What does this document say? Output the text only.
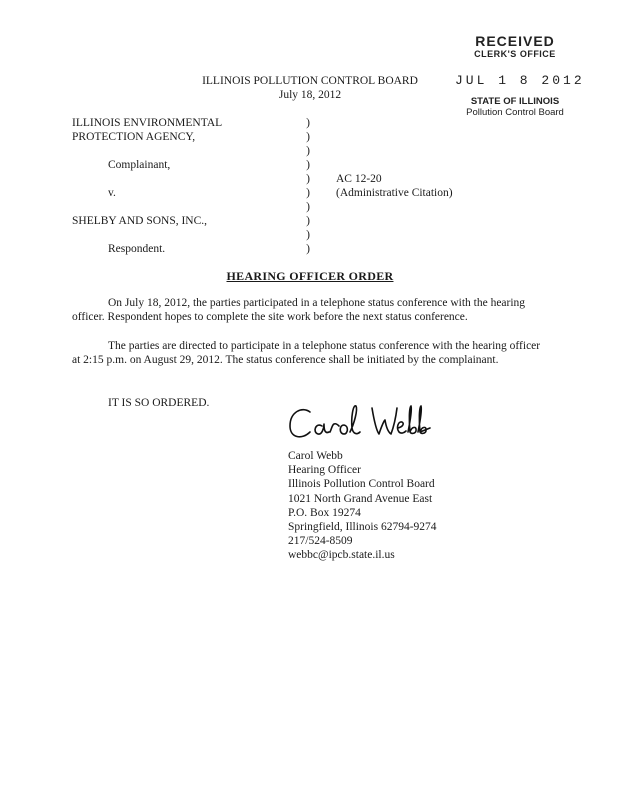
RECEIVED
CLERK'S OFFICE
JUL 1 8 2012
STATE OF ILLINOIS
Pollution Control Board
ILLINOIS POLLUTION CONTROL BOARD
July 18, 2012
ILLINOIS ENVIRONMENTAL
PROTECTION AGENCY,
Complainant,
v.
SHELBY AND SONS, INC.,
Respondent.
)
)
)
)
)
)
)
)
)
)
AC 12-20
(Administrative Citation)
HEARING OFFICER ORDER
On July 18, 2012, the parties participated in a telephone status conference with the hearing officer. Respondent hopes to complete the site work before the next status conference.
The parties are directed to participate in a telephone status conference with the hearing officer at 2:15 p.m. on August 29, 2012. The status conference shall be initiated by the complainant.
IT IS SO ORDERED.	Carol Webb
Carol Webb
Hearing Officer
Illinois Pollution Control Board
1021 North Grand Avenue East
P.O. Box 19274
Springfield, Illinois 62794-9274
217/524-8509
webbc@ipcb.state.il.us
